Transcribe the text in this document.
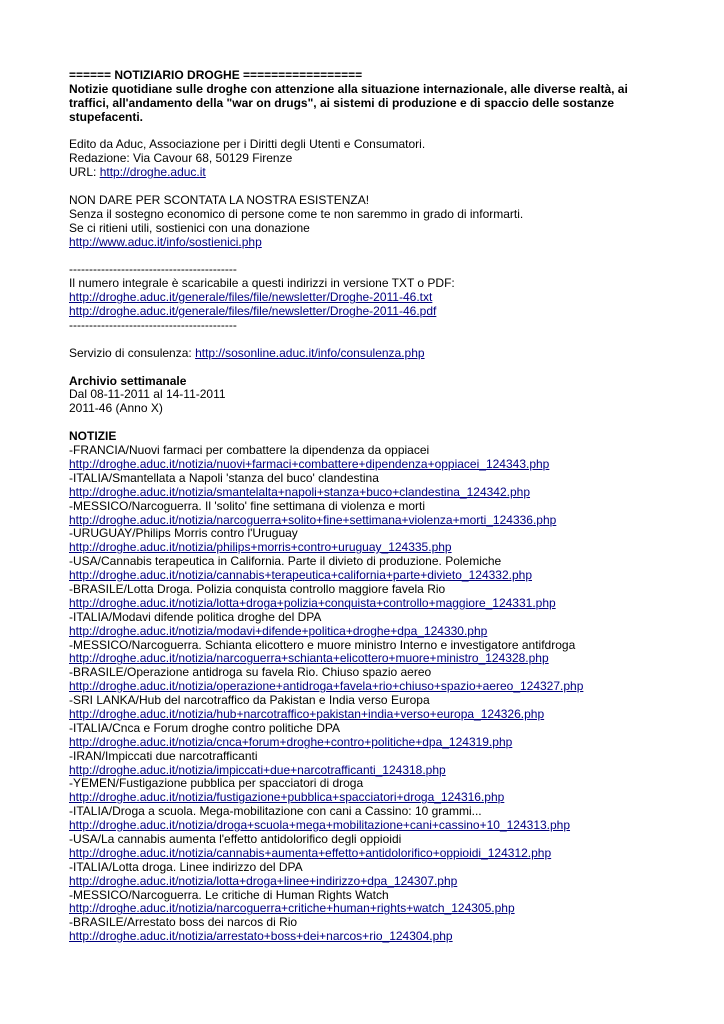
====== NOTIZIARIO DROGHE =================
Notizie quotidiane sulle droghe con attenzione alla situazione internazionale, alle diverse realtà, ai
traffici, all'andamento della "war on drugs", ai sistemi di produzione e di spaccio delle sostanze
stupefacenti.
Edito da Aduc, Associazione per i Diritti degli Utenti e Consumatori.
Redazione: Via Cavour 68, 50129 Firenze
URL: http://droghe.aduc.it
NON DARE PER SCONTATA LA NOSTRA ESISTENZA!
Senza il sostegno economico di persone come te non saremmo in grado di informarti.
Se ci ritieni utili, sostienici con una donazione
http://www.aduc.it/info/sostienici.php
------------------------------------------
Il numero integrale è scaricabile a questi indirizzi in versione TXT o PDF:
http://droghe.aduc.it/generale/files/file/newsletter/Droghe-2011-46.txt
http://droghe.aduc.it/generale/files/file/newsletter/Droghe-2011-46.pdf
------------------------------------------
Servizio di consulenza: http://sosonline.aduc.it/info/consulenza.php
Archivio settimanale
Dal 08-11-2011 al 14-11-2011
2011-46 (Anno X)
NOTIZIE
-FRANCIA/Nuovi farmaci per combattere la dipendenza da oppiacei
http://droghe.aduc.it/notizia/nuovi+farmaci+combattere+dipendenza+oppiacei_124343.php
-ITALIA/Smantellata a Napoli 'stanza del buco' clandestina
http://droghe.aduc.it/notizia/smantelalta+napoli+stanza+buco+clandestina_124342.php
-MESSICO/Narcoguerra. Il 'solito' fine settimana di violenza e morti
http://droghe.aduc.it/notizia/narcoguerra+solito+fine+settimana+violenza+morti_124336.php
-URUGUAY/Philips Morris contro l'Uruguay
http://droghe.aduc.it/notizia/philips+morris+contro+uruguay_124335.php
-USA/Cannabis terapeutica in California. Parte il divieto di produzione. Polemiche
http://droghe.aduc.it/notizia/cannabis+terapeutica+california+parte+divieto_124332.php
-BRASILE/Lotta Droga. Polizia conquista controllo maggiore favela Rio
http://droghe.aduc.it/notizia/lotta+droga+polizia+conquista+controllo+maggiore_124331.php
-ITALIA/Modavi difende politica droghe del DPA
http://droghe.aduc.it/notizia/modavi+difende+politica+droghe+dpa_124330.php
-MESSICO/Narcoguerra. Schianta elicottero e muore ministro Interno e investigatore antifdroga
http://droghe.aduc.it/notizia/narcoguerra+schianta+elicottero+muore+ministro_124328.php
-BRASILE/Operazione antidroga su favela Rio. Chiuso spazio aereo
http://droghe.aduc.it/notizia/operazione+antidroga+favela+rio+chiuso+spazio+aereo_124327.php
-SRI LANKA/Hub del narcotraffico da Pakistan e India verso Europa
http://droghe.aduc.it/notizia/hub+narcotraffico+pakistan+india+verso+europa_124326.php
-ITALIA/Cnca e Forum droghe contro politiche DPA
http://droghe.aduc.it/notizia/cnca+forum+droghe+contro+politiche+dpa_124319.php
-IRAN/Impiccati due narcotrafficanti
http://droghe.aduc.it/notizia/impiccati+due+narcotrafficanti_124318.php
-YEMEN/Fustigazione pubblica per spacciatori di droga
http://droghe.aduc.it/notizia/fustigazione+pubblica+spacciatori+droga_124316.php
-ITALIA/Droga a scuola. Mega-mobilitazione con cani a Cassino: 10 grammi...
http://droghe.aduc.it/notizia/droga+scuola+mega+mobilitazione+cani+cassino+10_124313.php
-USA/La cannabis aumenta l'effetto antidolorifico degli oppioidi
http://droghe.aduc.it/notizia/cannabis+aumenta+effetto+antidolorifico+oppioidi_124312.php
-ITALIA/Lotta droga. Linee indirizzo del DPA
http://droghe.aduc.it/notizia/lotta+droga+linee+indirizzo+dpa_124307.php
-MESSICO/Narcoguerra. Le critiche di Human Rights Watch
http://droghe.aduc.it/notizia/narcoguerra+critiche+human+rights+watch_124305.php
-BRASILE/Arrestato boss dei narcos di Rio
http://droghe.aduc.it/notizia/arrestato+boss+dei+narcos+rio_124304.php
